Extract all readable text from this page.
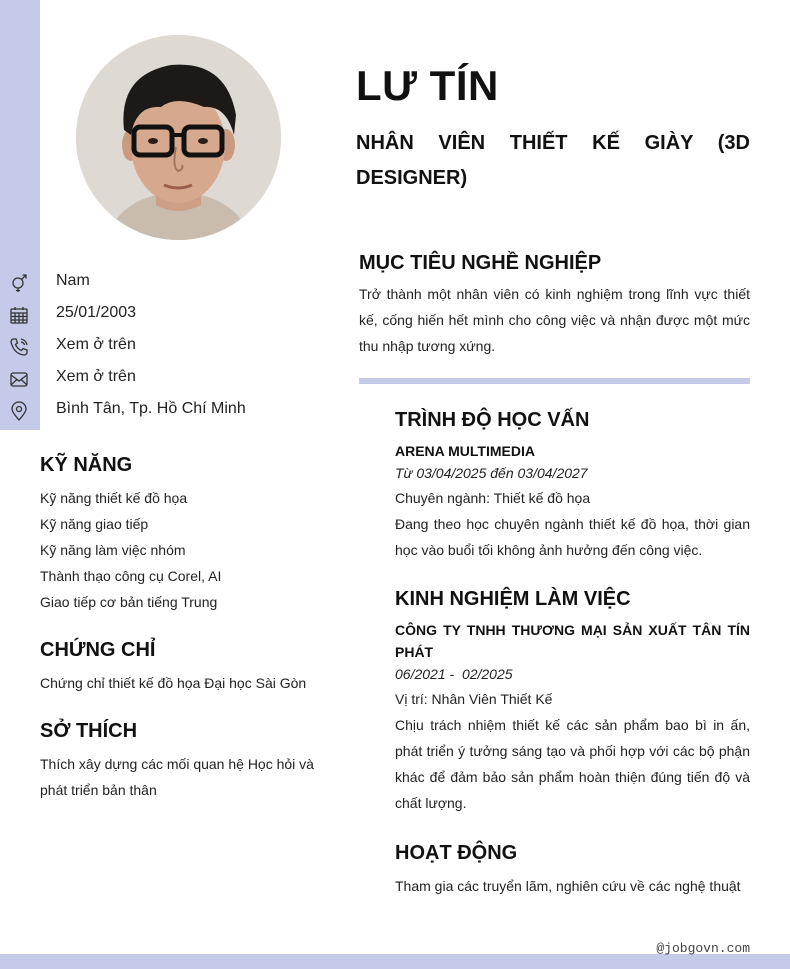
LƯ TÍN
NHÂN VIÊN THIẾT KẾ GIÀY (3D DESIGNER)
Nam
25/01/2003
Xem ở trên
Xem ở trên
Bình Tân, Tp. Hồ Chí Minh
KỸ NĂNG
Kỹ năng thiết kế đồ họa
Kỹ năng giao tiếp
Kỹ năng làm việc nhóm
Thành thạo công cụ Corel, AI
Giao tiếp cơ bản tiếng Trung
CHỨNG CHỈ
Chứng chỉ thiết kế đồ họa Đại học Sài Gòn
SỞ THÍCH
Thích xây dựng các mối quan hệ Học hỏi và phát triển bản thân
MỤC TIÊU NGHỀ NGHIỆP
Trở thành một nhân viên có kinh nghiệm trong lĩnh vực thiết kế, cống hiến hết mình cho công việc và nhận được một mức thu nhập tương xứng.
TRÌNH ĐỘ HỌC VẤN
ARENA MULTIMEDIA
Từ 03/04/2025 đến 03/04/2027
Chuyên ngành: Thiết kế đồ họa
Đang theo học chuyên ngành thiết kế đồ họa, thời gian học vào buổi tối không ảnh hưởng đến công việc.
KINH NGHIỆM LÀM VIỆC
CÔNG TY TNHH THƯƠNG MẠI SẢN XUẤT TÂN TÍN PHÁT
06/2021 -  02/2025
Vị trí: Nhân Viên Thiết Kế
Chịu trách nhiệm thiết kế các sản phẩm bao bì in ấn, phát triển ý tưởng sáng tạo và phối hợp với các bộ phận khác để đảm bảo sản phẩm hoàn thiện đúng tiến độ và chất lượng.
HOẠT ĐỘNG
Tham gia các truyển lãm, nghiên cứu về các nghệ thuật
@jobgovn.com
